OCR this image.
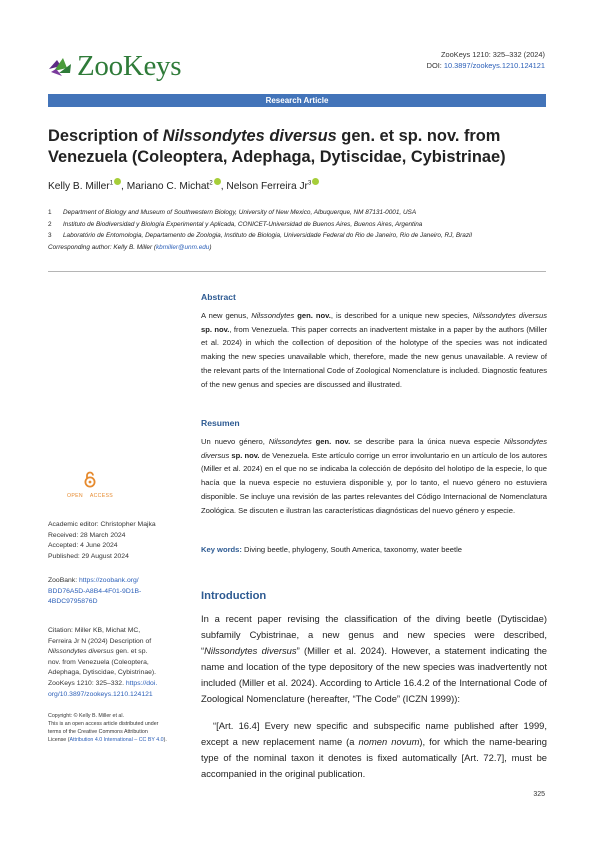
ZooKeys	ZooKeys 1210: 325–332 (2024)
DOI: 10.3897/zookeys.1210.124121
Research Article
Description of Nilssondytes diversus gen. et sp. nov. from Venezuela (Coleoptera, Adephaga, Dytiscidae, Cybistrinae)
Kelly B. Miller$^1$ , Mariano C. Michat$^2$ , Nelson Ferreira Jr$^3$
1 Department of Biology and Museum of Southwestern Biology, University of New Mexico, Albuquerque, NM 87131-0001, USA
2 Instituto de Biodiversidad y Biología Experimental y Aplicada, CONICET-Universidad de Buenos Aires, Buenos Aires, Argentina
3 Laboratório de Entomologia, Departamento de Zoologia, Instituto de Biologia, Universidade Federal do Rio de Janeiro, Rio de Janeiro, RJ, Brazil
Corresponding author: Kelly B. Miller (kbmiller@unm.edu)
OPEN ACCESS
Academic editor: Christopher Majka
Received: 28 March 2024
Accepted: 4 June 2024
Published: 29 August 2024
ZooBank: https://zoobank.org/
BDD76A5D-A8B4-4F01-9D1B-
4BDC9795876D
Citation: Miller KB, Michat MC,
Ferreira Jr N (2024) Description of
Nilssondytes diversus gen. et sp.
nov. from Venezuela (Coleoptera,
Adephaga, Dytiscidae, Cybistrinae).
ZooKeys 1210: 325–332. https://doi.
org/10.3897/zookeys.1210.124121
Copyright: © Kelly B. Miller et al.
This is an open access article distributed under
terms of the Creative Commons Attribution
License (Attribution 4.0 International – CC BY 4.0).
Abstract
A new genus, Nilssondytes gen. nov., is described for a unique new species, Nilssondytes diversus sp. nov., from Venezuela. This paper corrects an inadvertent mistake in a paper by the authors (Miller et al. 2024) in which the collection of deposition of the holotype of the species was not indicated making the new species unavailable which, therefore, made the new genus unavailable. A review of the relevant parts of the International Code of Zoological Nomenclature is included. Diagnostic features of the new genus and species are discussed and illustrated.
Resumen
Un nuevo género, Nilssondytes gen. nov. se describe para la única nueva especie Nilssondytes diversus sp. nov. de Venezuela. Este artículo corrige un error involuntario en un artículo de los autores (Miller et al. 2024) en el que no se indicaba la colección de depósito del holotipo de la especie, lo que hacía que la nueva especie no estuviera disponible y, por lo tanto, el nuevo género no estuviera disponible. Se incluye una revisión de las partes relevantes del Código Internacional de Nomenclatura Zoológica. Se discuten e ilustran las características diagnósticas del nuevo género y especie.
Key words: Diving beetle, phylogeny, South America, taxonomy, water beetle
Introduction
In a recent paper revising the classification of the diving beetle (Dytiscidae) subfamily Cybistrinae, a new genus and new species were described, “Nilssondytes diversus” (Miller et al. 2024). However, a statement indicating the name and location of the type depository of the new species was inadvertently not included (Miller et al. 2024). According to Article 16.4.2 of the International Code of Zoological Nomenclature (hereafter, “The Code” (ICZN 1999)):
“[Art. 16.4] Every new specific and subspecific name published after 1999, except a new replacement name (a nomen novum), for which the name-bearing type of the nominal taxon it denotes is fixed automatically [Art. 72.7], must be accompanied in the original publication.
325
